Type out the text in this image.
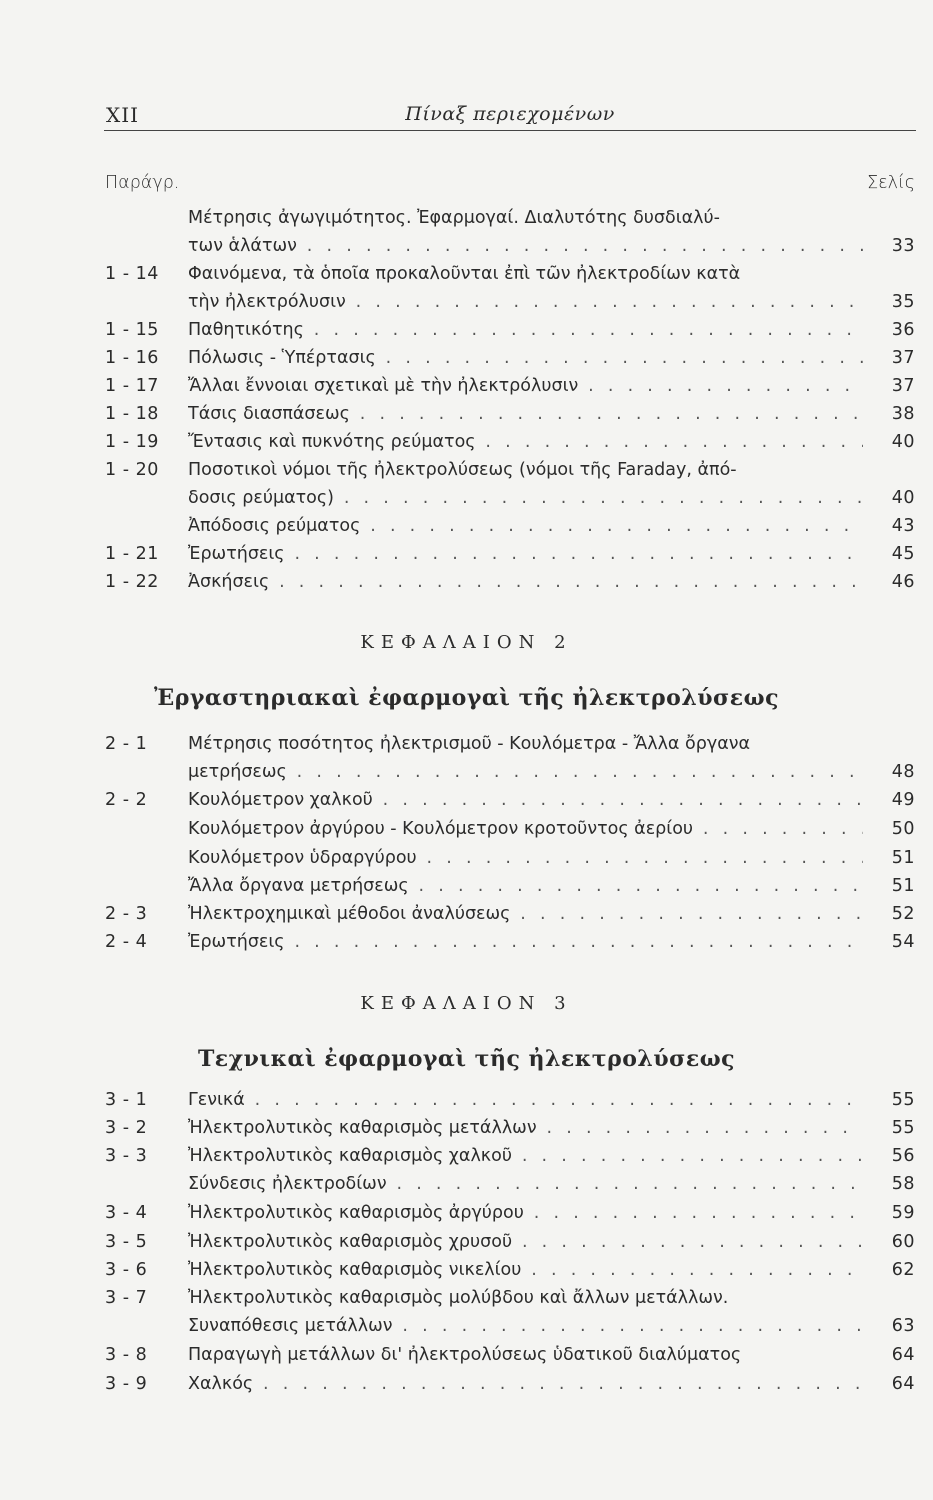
XII	Πίναξ περιεχομένων
Παράγρ.	Σελίς
Μέτρησις ἀγωγιμότητος. Ἐφαρμογαί. Διαλυτότης δυσδιαλύ-
των ἁλάτων . . .	33
1 - 14 Φαινόμενα, τὰ ὁποῖα προκαλοῦνται ἐπὶ τῶν ἠλεκτροδίων κατὰ
τὴν ἠλεκτρόλυσιν . . .	35
1 - 15 Παθητικότης . . .	36
1 - 16 Πόλωσις - Ὑπέρτασις . . .	37
1 - 17 Ἄλλαι ἔννοιαι σχετικαὶ μὲ τὴν ἠλεκτρόλυσιν . . .	37
1 - 18 Τάσις διασπάσεως . . .	38
1 - 19 Ἔντασις καὶ πυκνότης ρεύματος . . .	40
1 - 20 Ποσοτικοὶ νόμοι τῆς ἠλεκτρολύσεως (νόμοι τῆς Faraday, ἀπό-
δοσις ρεύματος) . . .	40
Ἀπόδοσις ρεύματος . . .	43
1 - 21 Ἐρωτήσεις . . .	45
1 - 22 Ἀσκήσεις . . .	46
ΚΕΦΑΛΑΙΟΝ 2
Ἐργαστηριακαὶ ἐφαρμογαὶ τῆς ἠλεκτρολύσεως
2 - 1 Μέτρησις ποσότητος ἠλεκτρισμοῦ - Κουλόμετρα - Ἄλλα ὄργανα
μετρήσεως . . .	48
2 - 2 Κουλόμετρον χαλκοῦ . . .	49
Κουλόμετρον ἀργύρου - Κουλόμετρον κροτοῦντος ἀερίου . . .	50
Κουλόμετρον ὑδραργύρου . . .	51
Ἄλλα ὄργανα μετρήσεως . . .	51
2 - 3 Ἠλεκτροχημικαὶ μέθοδοι ἀναλύσεως . . .	52
2 - 4 Ἐρωτήσεις . . .	54
ΚΕΦΑΛΑΙΟΝ 3
Τεχνικαὶ ἐφαρμογαὶ τῆς ἠλεκτρολύσεως
3 - 1 Γενικά . . .	55
3 - 2 Ἠλεκτρολυτικὸς καθαρισμὸς μετάλλων . . .	55
3 - 3 Ἠλεκτρολυτικὸς καθαρισμὸς χαλκοῦ . . .	56
Σύνδεσις ἠλεκτροδίων . . .	58
3 - 4 Ἠλεκτρολυτικὸς καθαρισμὸς ἀργύρου . . .	59
3 - 5 Ἠλεκτρολυτικὸς καθαρισμὸς χρυσοῦ . . .	60
3 - 6 Ἠλεκτρολυτικὸς καθαρισμὸς νικελίου . . .	62
3 - 7 Ἠλεκτρολυτικὸς καθαρισμὸς μολύβδου καὶ ἄλλων μετάλλων.
Συναπόθεσις μετάλλων . . .	63
3 - 8 Παραγωγὴ μετάλλων δι' ἠλεκτρολύσεως ὑδατικοῦ διαλύματος	64
3 - 9 Χαλκός . . .	64
